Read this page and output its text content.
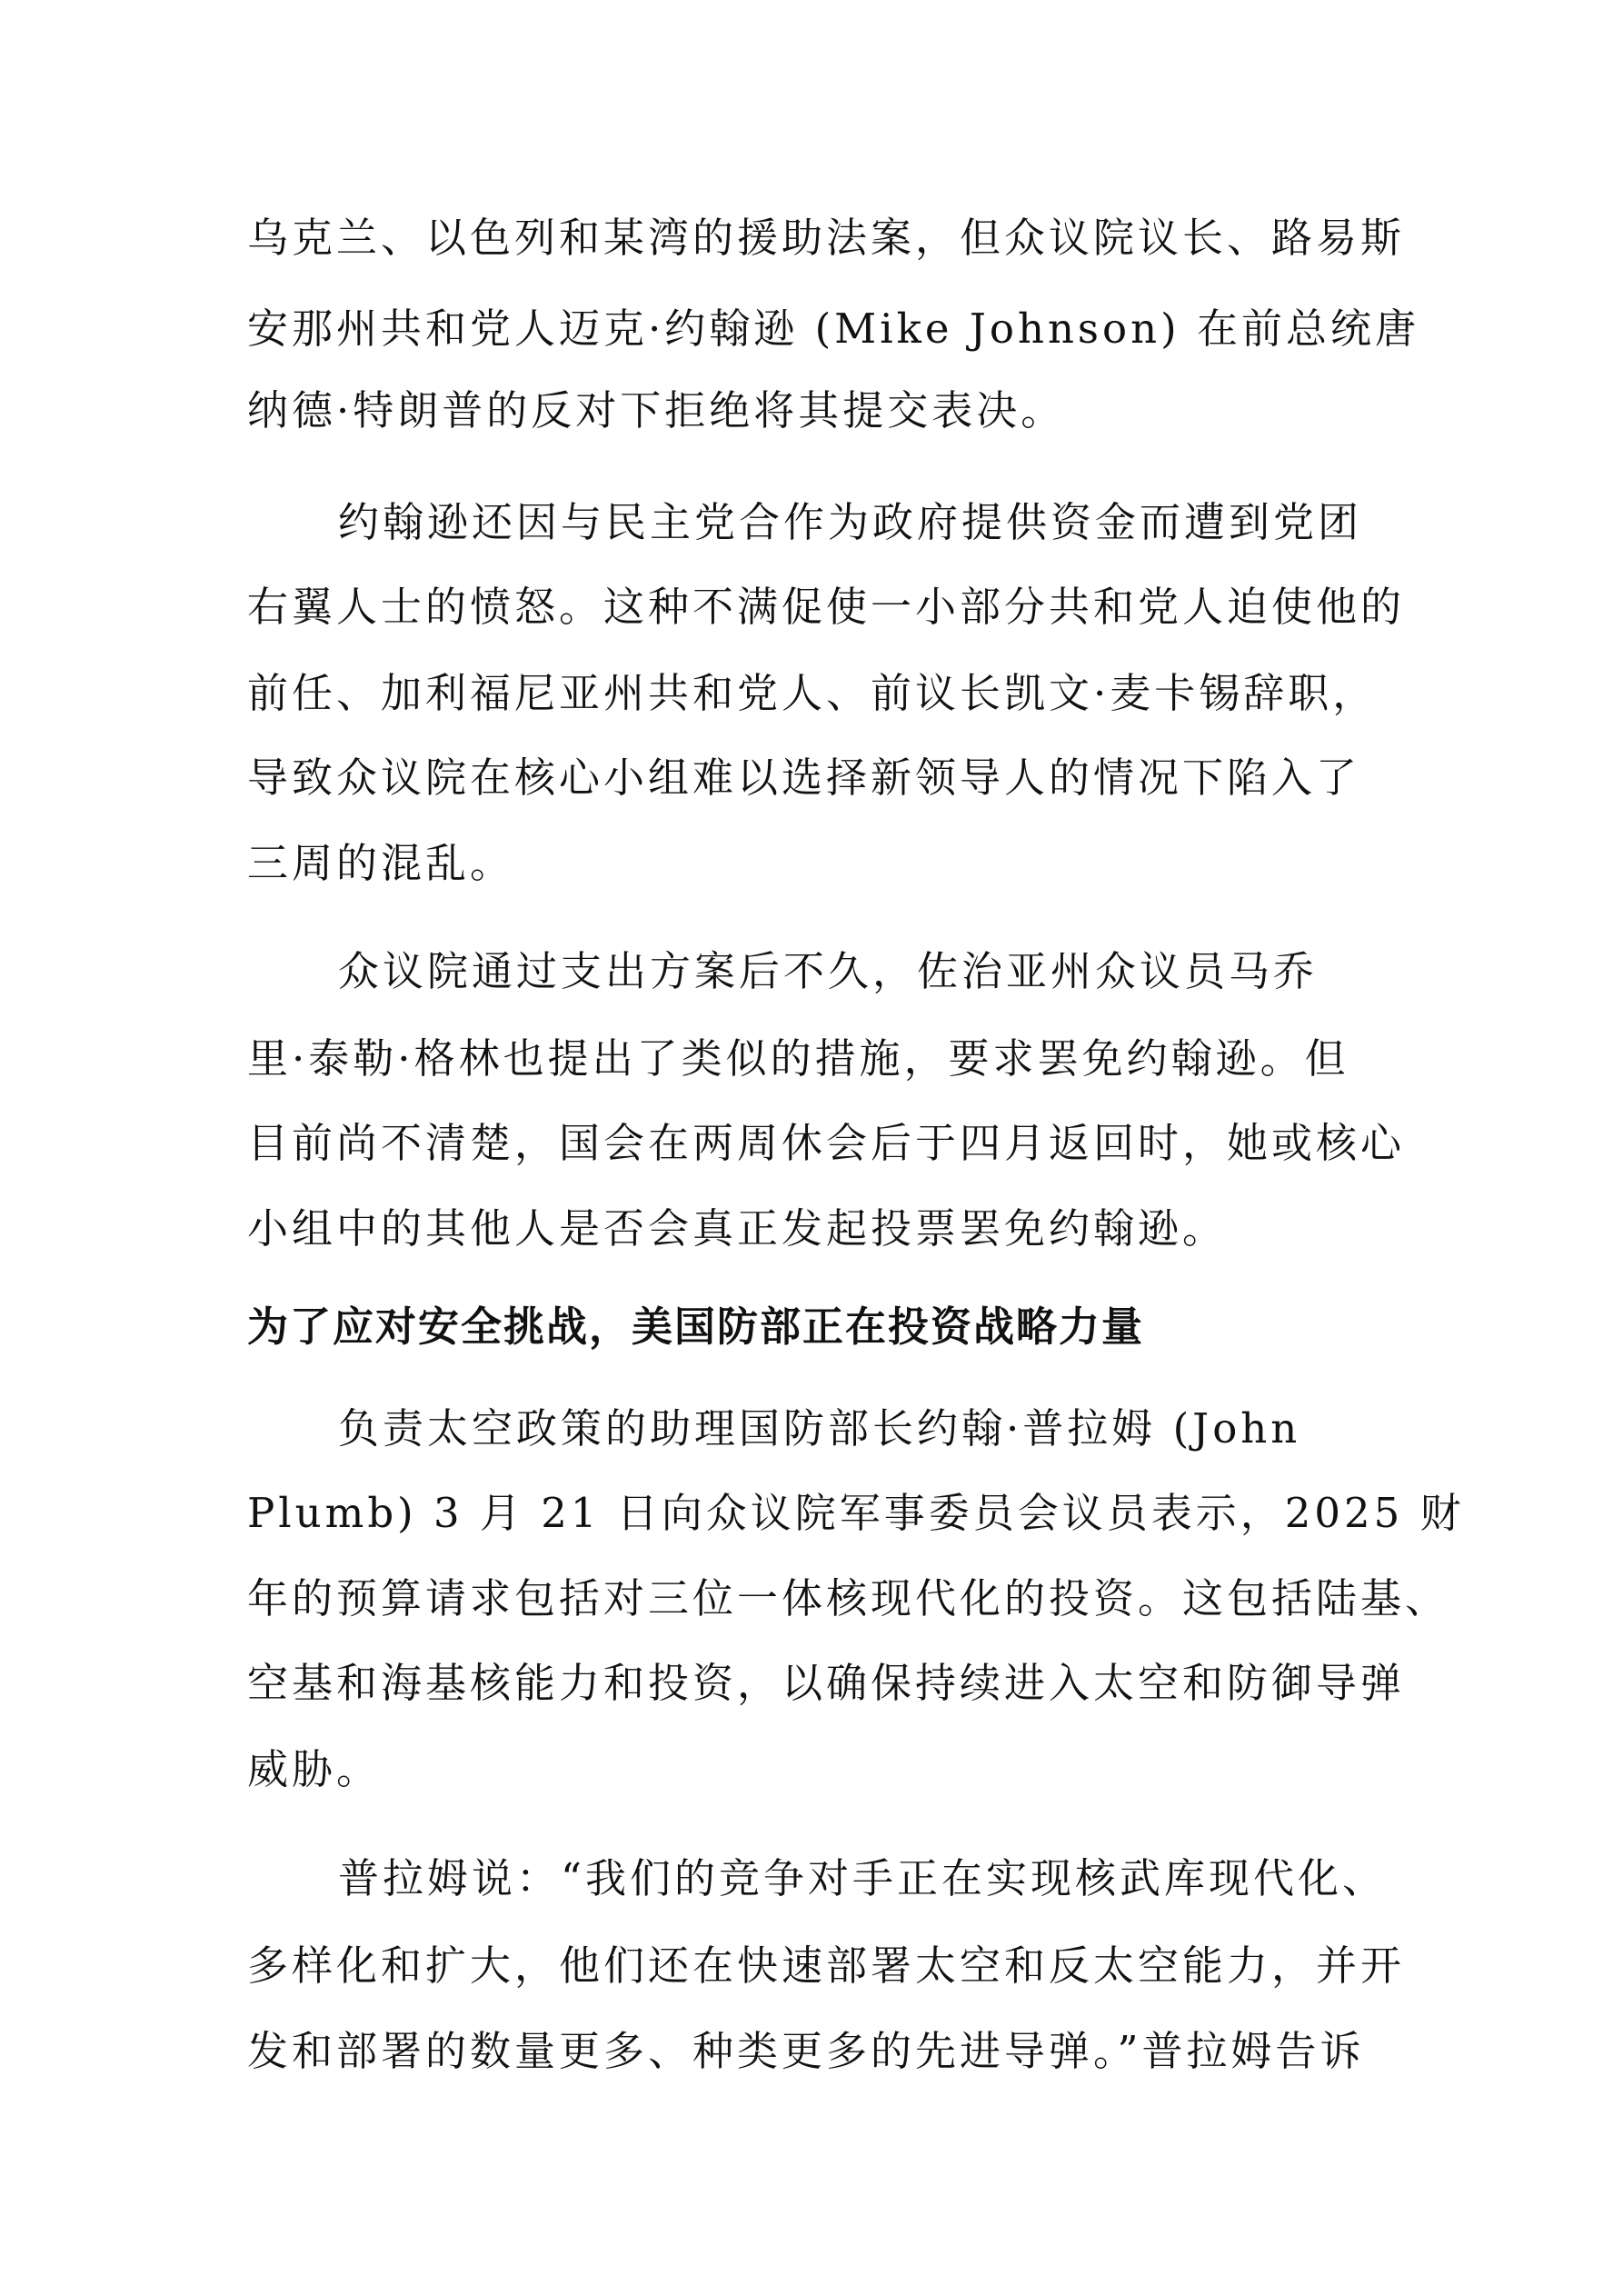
乌克兰、以色列和某湾的援助法案，但众议院议长、路易斯

安那州共和党人迈克·约翰逊 (Mike Johnson) 在前总统唐

纳德·特朗普的反对下拒绝将其提交表决。

约翰逊还因与民主党合作为政府提供资金而遭到党团

右翼人士的愤怒。这种不满促使一小部分共和党人迫使他的

前任、加利福尼亚州共和党人、前议长凯文·麦卡锡辞职，

导致众议院在核心小组难以选择新领导人的情况下陷入了

三周的混乱。

众议院通过支出方案后不久，佐治亚州众议员马乔

里·泰勒·格林也提出了类似的措施，要求罢免约翰逊。但

目前尚不清楚，国会在两周休会后于四月返回时，她或核心

小组中的其他人是否会真正发起投票罢免约翰逊。

为了应对安全挑战，美国防部正在投资战略力量

负责太空政策的助理国防部长约翰·普拉姆 (John

Plumb) 3 月 21 日向众议院军事委员会议员表示，2025 财

年的预算请求包括对三位一体核现代化的投资。这包括陆基、

空基和海基核能力和投资，以确保持续进入太空和防御导弹

威胁。

普拉姆说：“我们的竞争对手正在实现核武库现代化、

多样化和扩大，他们还在快速部署太空和反太空能力，并开

发和部署的数量更多、种类更多的先进导弹。”普拉姆告诉
